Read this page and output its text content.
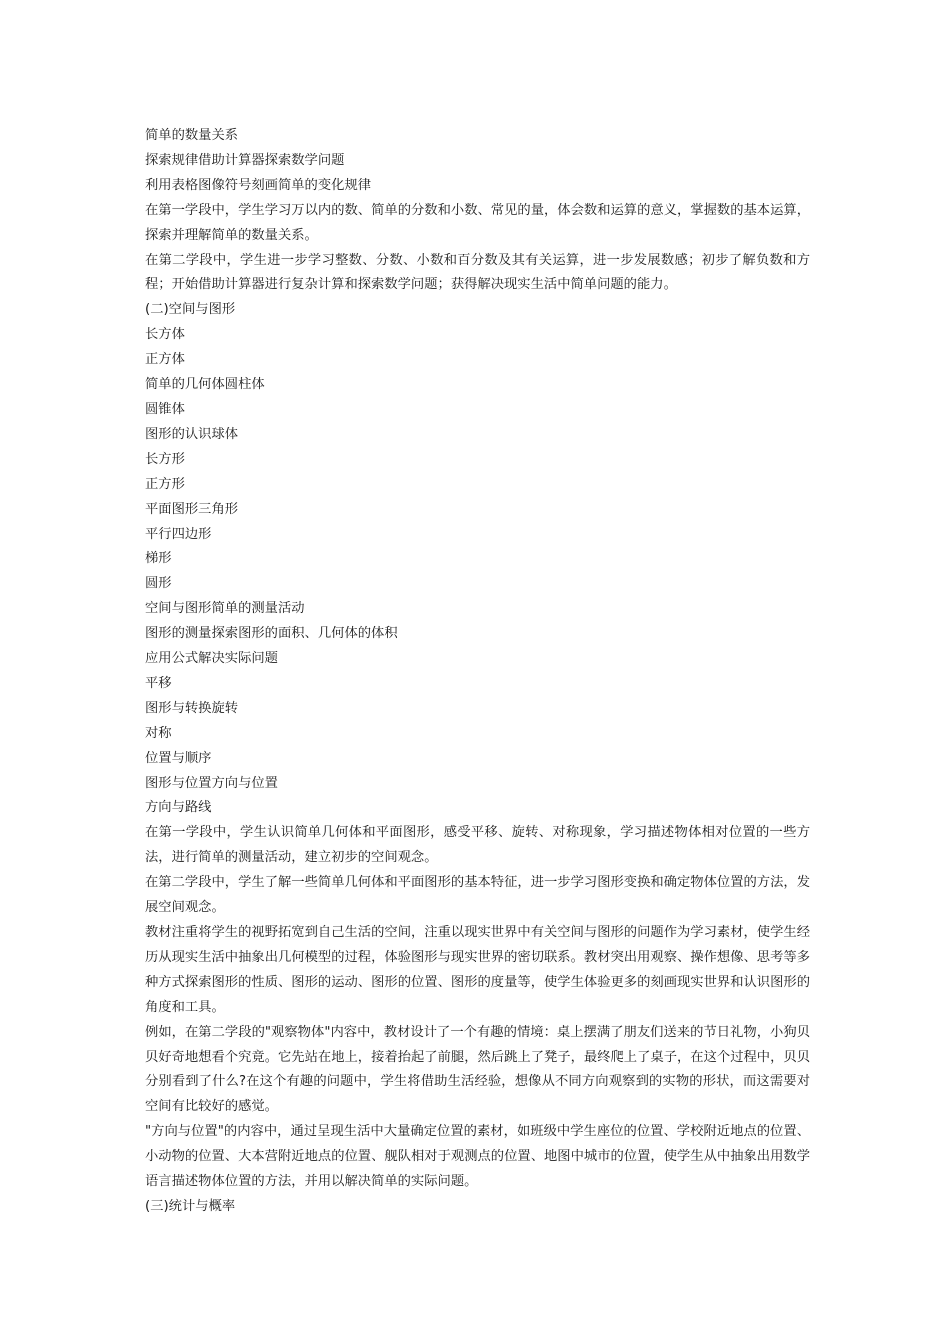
简单的数量关系
探索规律借助计算器探索数学问题
利用表格图像符号刻画简单的变化规律

在第一学段中，学生学习万以内的数、简单的分数和小数、常见的量，体会数和运算的意义，掌握数的基本运算，探索并理解简单的数量关系。

在第二学段中，学生进一步学习整数、分数、小数和百分数及其有关运算，进一步发展数感；初步了解负数和方程；开始借助计算器进行复杂计算和探索数学问题；获得解决现实生活中简单问题的能力。

(二)空间与图形
长方体
正方体
简单的几何体圆柱体
圆锥体
图形的认识球体
长方形
正方形
平面图形三角形
平行四边形
梯形
圆形
空间与图形简单的测量活动
图形的测量探索图形的面积、几何体的体积
应用公式解决实际问题
平移
图形与转换旋转
对称
位置与顺序
图形与位置方向与位置
方向与路线

在第一学段中，学生认识简单几何体和平面图形，感受平移、旋转、对称现象，学习描述物体相对位置的一些方法，进行简单的测量活动，建立初步的空间观念。

在第二学段中，学生了解一些简单几何体和平面图形的基本特征，进一步学习图形变换和确定物体位置的方法，发展空间观念。

教材注重将学生的视野拓宽到自己生活的空间，注重以现实世界中有关空间与图形的问题作为学习素材，使学生经历从现实生活中抽象出几何模型的过程，体验图形与现实世界的密切联系。教材突出用观察、操作想像、思考等多种方式探索图形的性质、图形的运动、图形的位置、图形的度量等，使学生体验更多的刻画现实世界和认识图形的角度和工具。

例如，在第二学段的"观察物体"内容中，教材设计了一个有趣的情境：桌上摆满了朋友们送来的节日礼物，小狗贝贝好奇地想看个究竟。它先站在地上，接着抬起了前腿，然后跳上了凳子，最终爬上了桌子，在这个过程中，贝贝分别看到了什么?在这个有趣的问题中，学生将借助生活经验，想像从不同方向观察到的实物的形状，而这需要对空间有比较好的感觉。

"方向与位置"的内容中，通过呈现生活中大量确定位置的素材，如班级中学生座位的位置、学校附近地点的位置、小动物的位置、大本营附近地点的位置、舰队相对于观测点的位置、地图中城市的位置，使学生从中抽象出用数学语言描述物体位置的方法，并用以解决简单的实际问题。

(三)统计与概率
